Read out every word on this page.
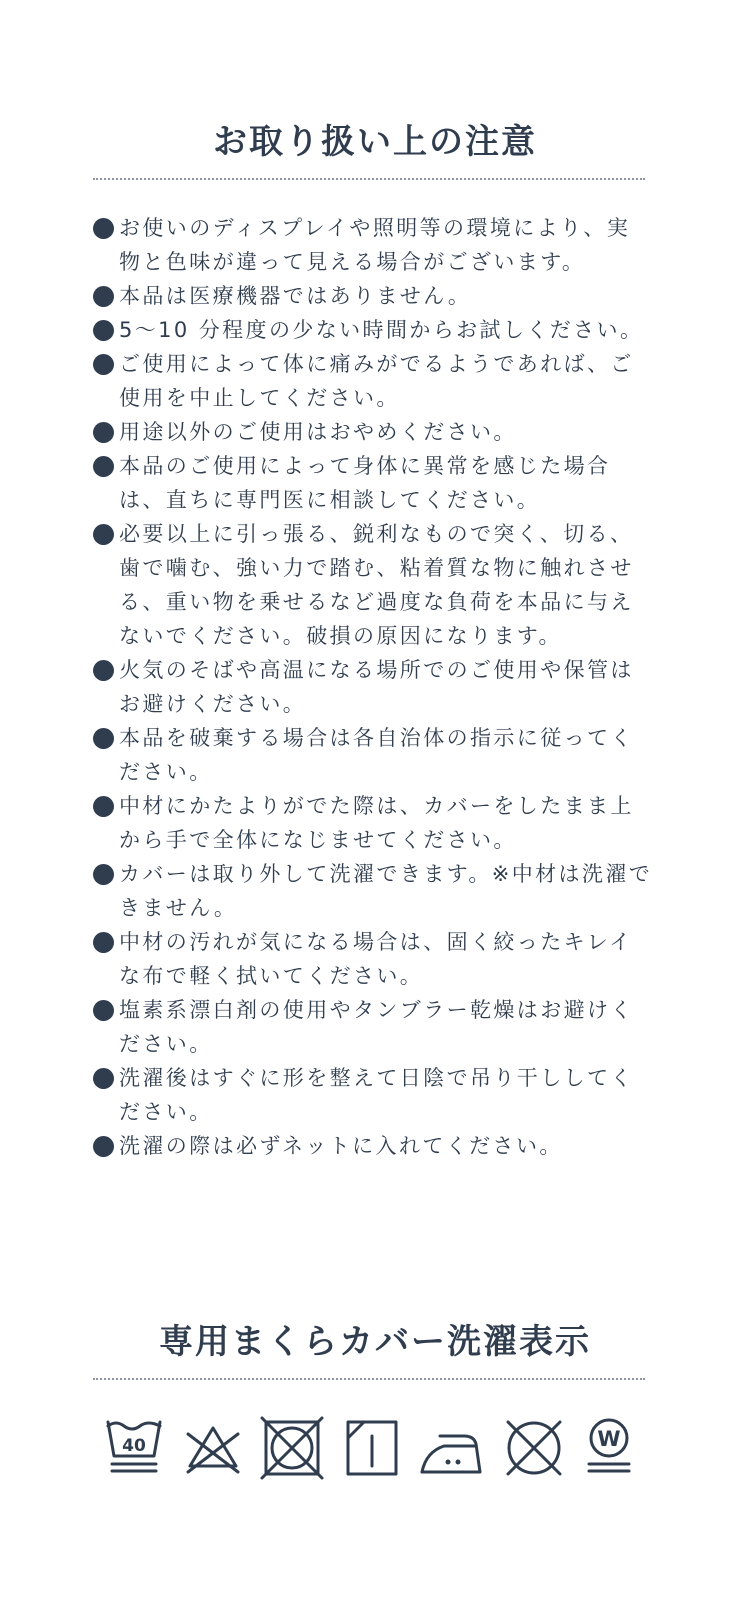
お取り扱い上の注意
お使いのディスプレイや照明等の環境により、実物と色味が違って見える場合がございます。
本品は医療機器ではありません。
5〜10 分程度の少ない時間からお試しください。
ご使用によって体に痛みがでるようであれば、ご使用を中止してください。
用途以外のご使用はおやめください。
本品のご使用によって身体に異常を感じた場合は、直ちに専門医に相談してください。
必要以上に引っ張る、鋭利なもので突く、切る、歯で噛む、強い力で踏む、粘着質な物に触れさせる、重い物を乗せるなど過度な負荷を本品に与えないでください。破損の原因になります。
火気のそばや高温になる場所でのご使用や保管はお避けください。
本品を破棄する場合は各自治体の指示に従ってください。
中材にかたよりがでた際は、カバーをしたまま上から手で全体になじませてください。
カバーは取り外して洗濯できます。※中材は洗濯できません。
中材の汚れが気になる場合は、固く絞ったキレイな布で軽く拭いてください。
塩素系漂白剤の使用やタンブラー乾燥はお避けください。
洗濯後はすぐに形を整えて日陰で吊り干ししてください。
洗濯の際は必ずネットに入れてください。
専用まくらカバー洗濯表示
40	W
